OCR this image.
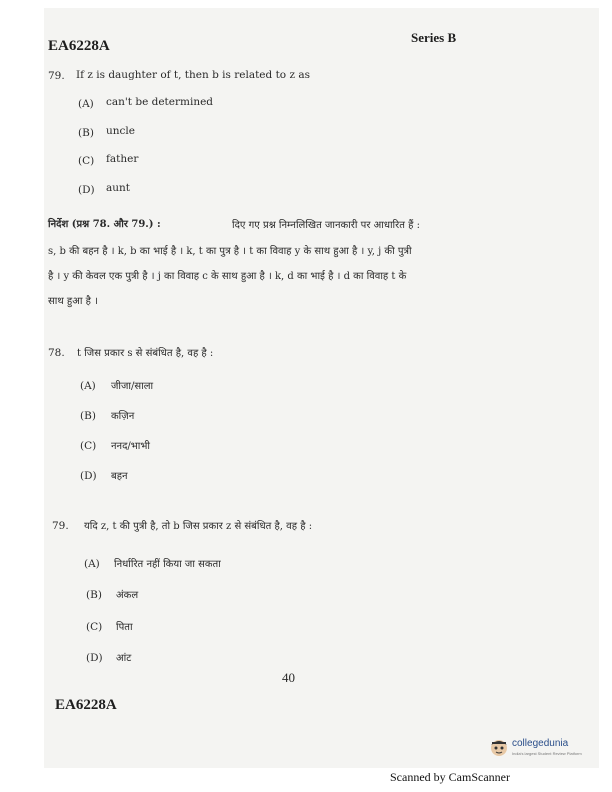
EA6228A
Series B
79. If z is daughter of t, then b is related to z as
(A) can't be determined
(B) uncle
(C) father
(D) aunt
निर्देश (प्रश्न 78. और 79.) :	दिए गए प्रश्न निम्नलिखित जानकारी पर आधारित हैं :
s, b की बहन है । k, b का भाई है । k, t का पुत्र है । t का विवाह y के साथ हुआ है । y, j की पुत्री
है । y की केवल एक पुत्री है । j का विवाह c के साथ हुआ है । k, d का भाई है । d का विवाह t के
साथ हुआ है ।
78. t जिस प्रकार s से संबंधित है, वह है :
(A) जीजा/साला
(B) कज़िन
(C) ननद/भाभी
(D) बहन
79. यदि z, t की पुत्री है, तो b जिस प्रकार z से संबंधित है, वह है :
(A) निर्धारित नहीं किया जा सकता
(B) अंकल
(C) पिता
(D) आंट
40
EA6228A
collegedunia
India's largest Student Review Platform
Scanned by CamScanner
